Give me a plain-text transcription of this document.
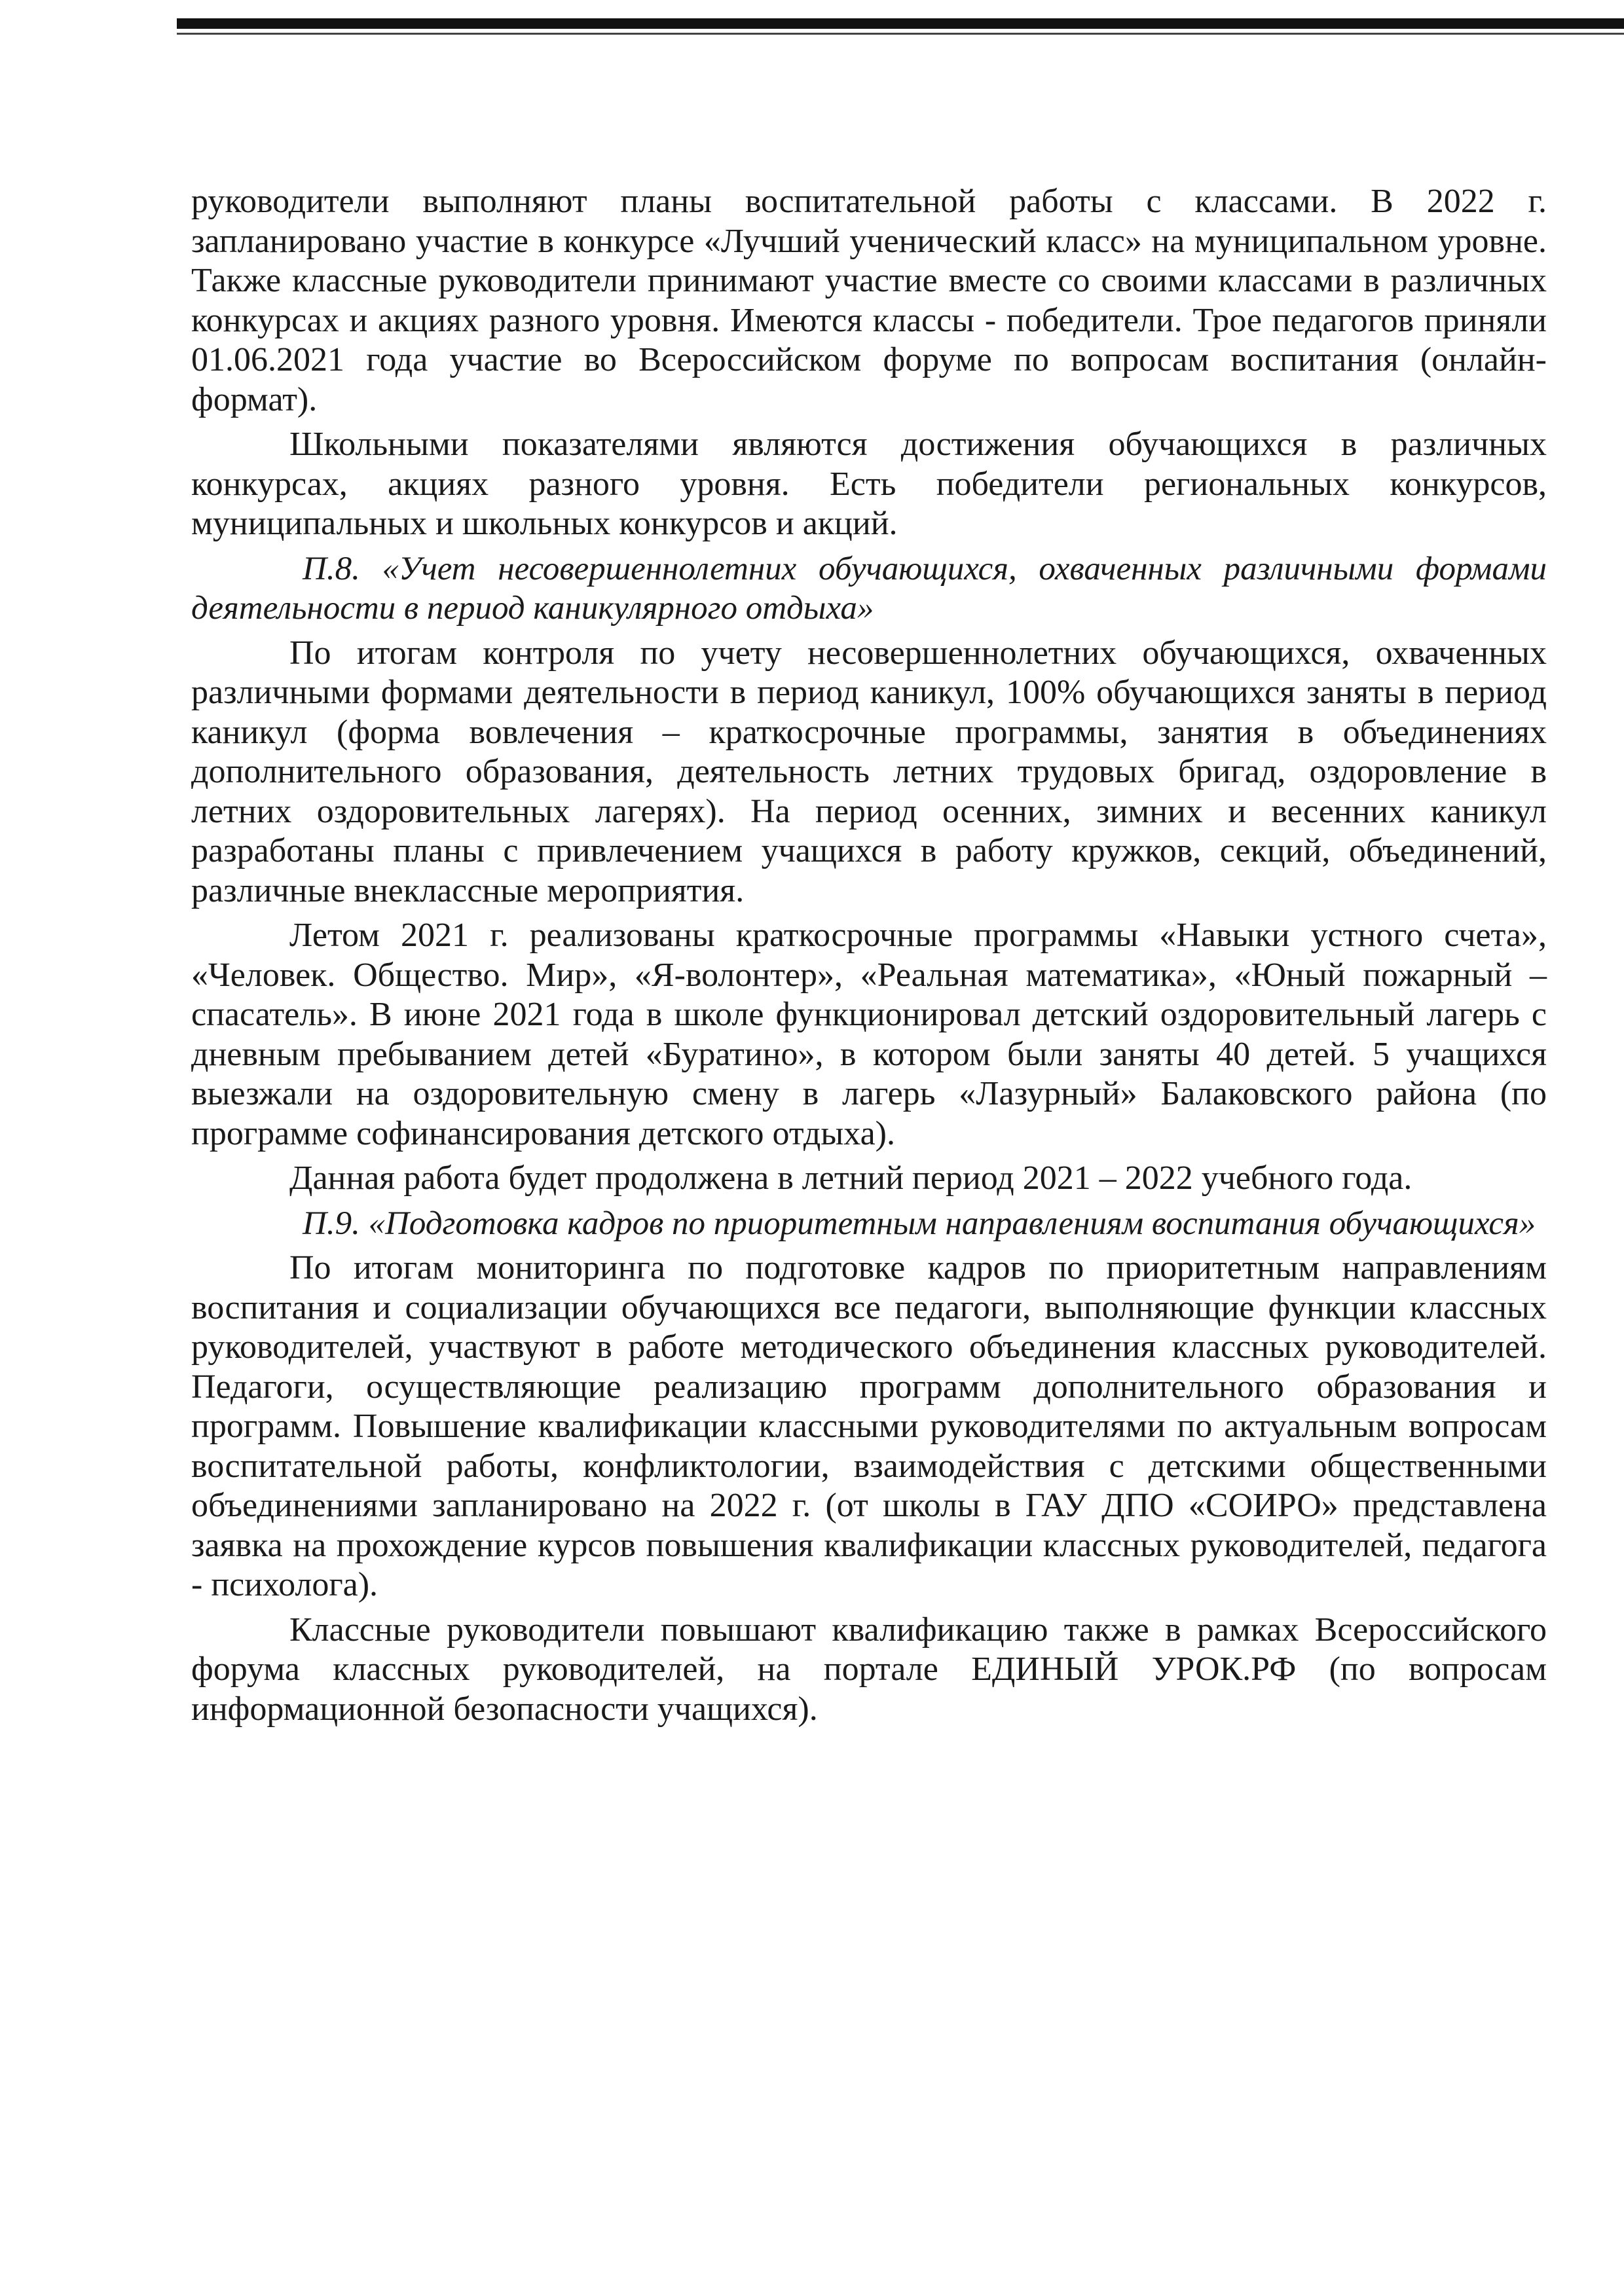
руководители выполняют планы воспитательной работы с классами. В 2022 г. запланировано участие в конкурсе «Лучший ученический класс» на муниципальном уровне. Также классные руководители принимают участие вместе со своими классами в различных конкурсах и акциях разного уровня. Имеются классы - победители. Трое педагогов приняли 01.06.2021 года участие во Всероссийском форуме по вопросам воспитания (онлайн-формат).

Школьными показателями являются достижения обучающихся в различных конкурсах, акциях разного уровня. Есть победители региональных конкурсов, муниципальных и школьных конкурсов и акций.

П.8. «Учет несовершеннолетних обучающихся, охваченных различными формами деятельности в период каникулярного отдыха»

По итогам контроля по учету несовершеннолетних обучающихся, охваченных различными формами деятельности в период каникул, 100% обучающихся заняты в период каникул (форма вовлечения – краткосрочные программы, занятия в объединениях дополнительного образования, деятельность летних трудовых бригад, оздоровление в летних оздоровительных лагерях). На период осенних, зимних и весенних каникул разработаны планы с привлечением учащихся в работу кружков, секций, объединений, различные внеклассные мероприятия.

Летом 2021 г. реализованы краткосрочные программы «Навыки устного счета», «Человек. Общество. Мир», «Я-волонтер», «Реальная математика», «Юный пожарный – спасатель». В июне 2021 года в школе функционировал детский оздоровительный лагерь с дневным пребыванием детей «Буратино», в котором были заняты 40 детей. 5 учащихся выезжали на оздоровительную смену в лагерь «Лазурный» Балаковского района (по программе софинансирования детского отдыха).

Данная работа будет продолжена в летний период 2021 – 2022 учебного года.

П.9. «Подготовка кадров по приоритетным направлениям воспитания обучающихся»

По итогам мониторинга по подготовке кадров по приоритетным направлениям воспитания и социализации обучающихся все педагоги, выполняющие функции классных руководителей, участвуют в работе методического объединения классных руководителей. Педагоги, осуществляющие реализацию программ дополнительного образования и программ. Повышение квалификации классными руководителями по актуальным вопросам воспитательной работы, конфликтологии, взаимодействия с детскими общественными объединениями запланировано на 2022 г. (от школы в ГАУ ДПО «СОИРО» представлена заявка на прохождение курсов повышения квалификации классных руководителей, педагога - психолога).

Классные руководители повышают квалификацию также в рамках Всероссийского форума классных руководителей, на портале ЕДИНЫЙ УРОК.РФ (по вопросам информационной безопасности учащихся).
